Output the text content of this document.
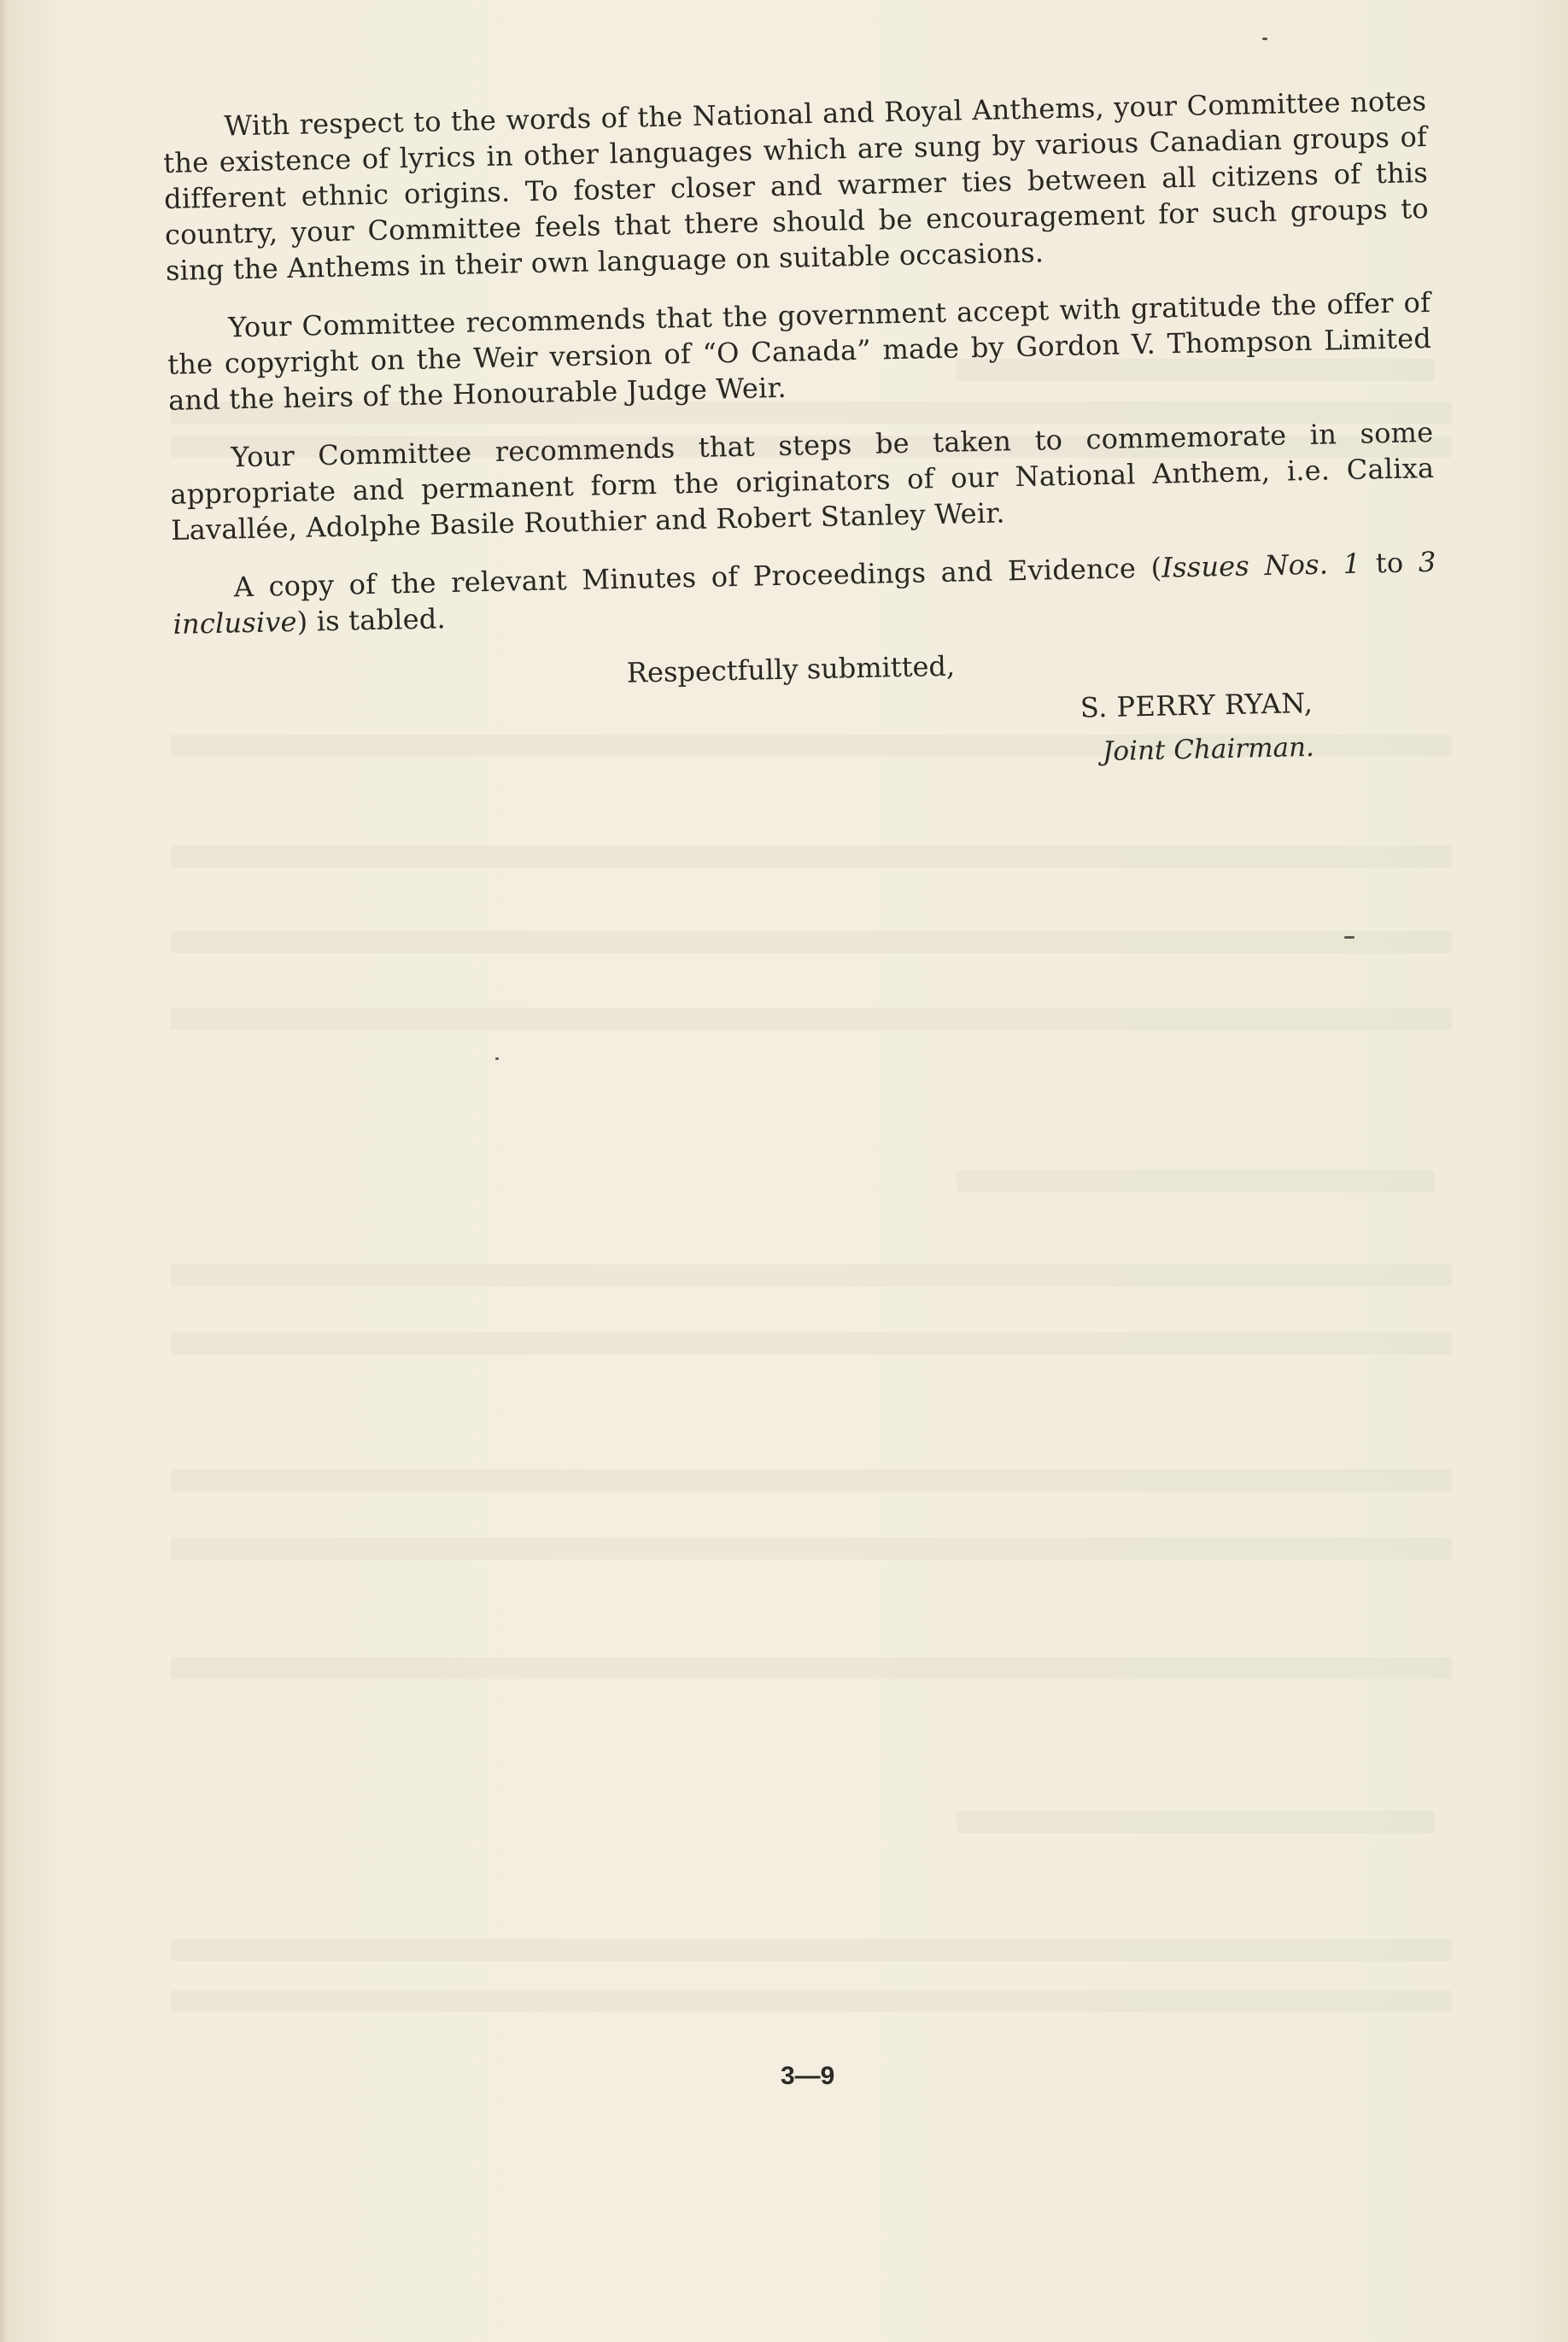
With respect to the words of the National and Royal Anthems, your Committee notes the existence of lyrics in other languages which are sung by various Canadian groups of different ethnic origins. To foster closer and warmer ties between all citizens of this country, your Committee feels that there should be encouragement for such groups to sing the Anthems in their own language on suitable occasions.

Your Committee recommends that the government accept with gratitude the offer of the copyright on the Weir version of “O Canada” made by Gordon V. Thompson Limited and the heirs of the Honourable Judge Weir.

Your Committee recommends that steps be taken to commemorate in some appropriate and permanent form the originators of our National Anthem, i.e. Calixa Lavallée, Adolphe Basile Routhier and Robert Stanley Weir.

A copy of the relevant Minutes of Proceedings and Evidence (Issues Nos. 1 to 3 inclusive) is tabled.

Respectfully submitted,
S. PERRY RYAN,
Joint Chairman.
3—9
